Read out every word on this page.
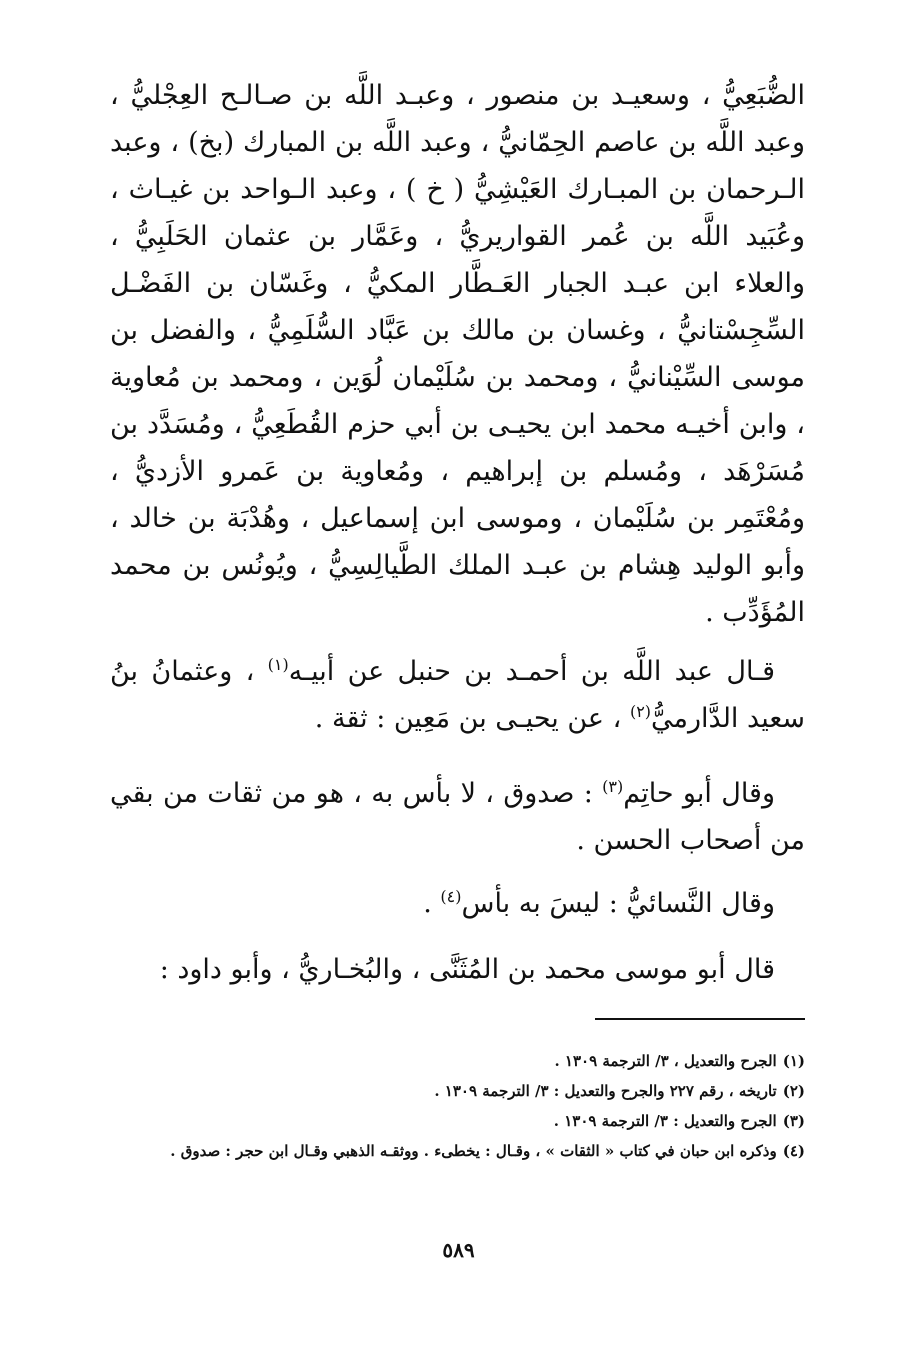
الضُّبَعِيُّ ، وسعيـد بن منصور ، وعبـد اللَّه بن صـالـح العِجْليُّ ، وعبد اللَّه بن عاصم الحِمّانيُّ ، وعبد اللَّه بن المبارك (بخ) ، وعبد الـرحمان بن المبـارك العَيْشِيُّ ( خ ) ، وعبد الـواحد بن غيـاث ، وعُبَيد اللَّه بن عُمر القواريريُّ ، وعَمَّار بن عثمان الحَلَبِيُّ ، والعلاء ابن عبـد الجبار العَـطَّار المكيُّ ، وغَسّان بن الفَضْـل السِّجِسْتانيُّ ، وغسان بن مالك بن عَبَّاد السُّلَمِيُّ ، والفضل بن موسى السِّيْنانيُّ ، ومحمد بن سُلَيْمان لُوَين ، ومحمد بن مُعاوية ، وابن أخيـه محمد ابن يحيـى بن أبي حزم القُطَعِيُّ ، ومُسَدَّد بن مُسَرْهَد ، ومُسلم بن إبراهيم ، ومُعاوية بن عَمرو الأزديُّ ، ومُعْتَمِر بن سُلَيْمان ، وموسى ابن إسماعيل ، وهُدْبَة بن خالد ، وأبو الوليد هِشام بن عبـد الملك الطَّيالِسِيُّ ، ويُونُس بن محمد المُؤَدِّب .

قـال عبد اللَّه بن أحمـد بن حنبل عن أبيـه$^{(١)}$ ، وعثمانُ بنُ سعيد الدَّارميُّ$^{(٢)}$ ، عن يحيـى بن مَعِين : ثقة .

وقال أبو حاتِم$^{(٣)}$ : صدوق ، لا بأس به ، هو من ثقات من بقي من أصحاب الحسن .

وقال النَّسائيُّ : ليسَ به بأس$^{(٤)}$ .

قال أبو موسى محمد بن المُثَنَّى ، والبُخـاريُّ ، وأبو داود :

(١)الجرح والتعديل ، ٣/ الترجمة ١٣٠٩ .

(٢)تاريخه ، رقم ٢٢٧ والجرح والتعديل : ٣/ الترجمة ١٣٠٩ .

(٣)الجرح والتعديل : ٣/ الترجمة ١٣٠٩ .

(٤)وذكره ابن حبان في كتاب « الثقات » ، وقـال : يخطىء . ووثقـه الذهبي وقـال ابن حجر : صدوق .

٥٨٩
